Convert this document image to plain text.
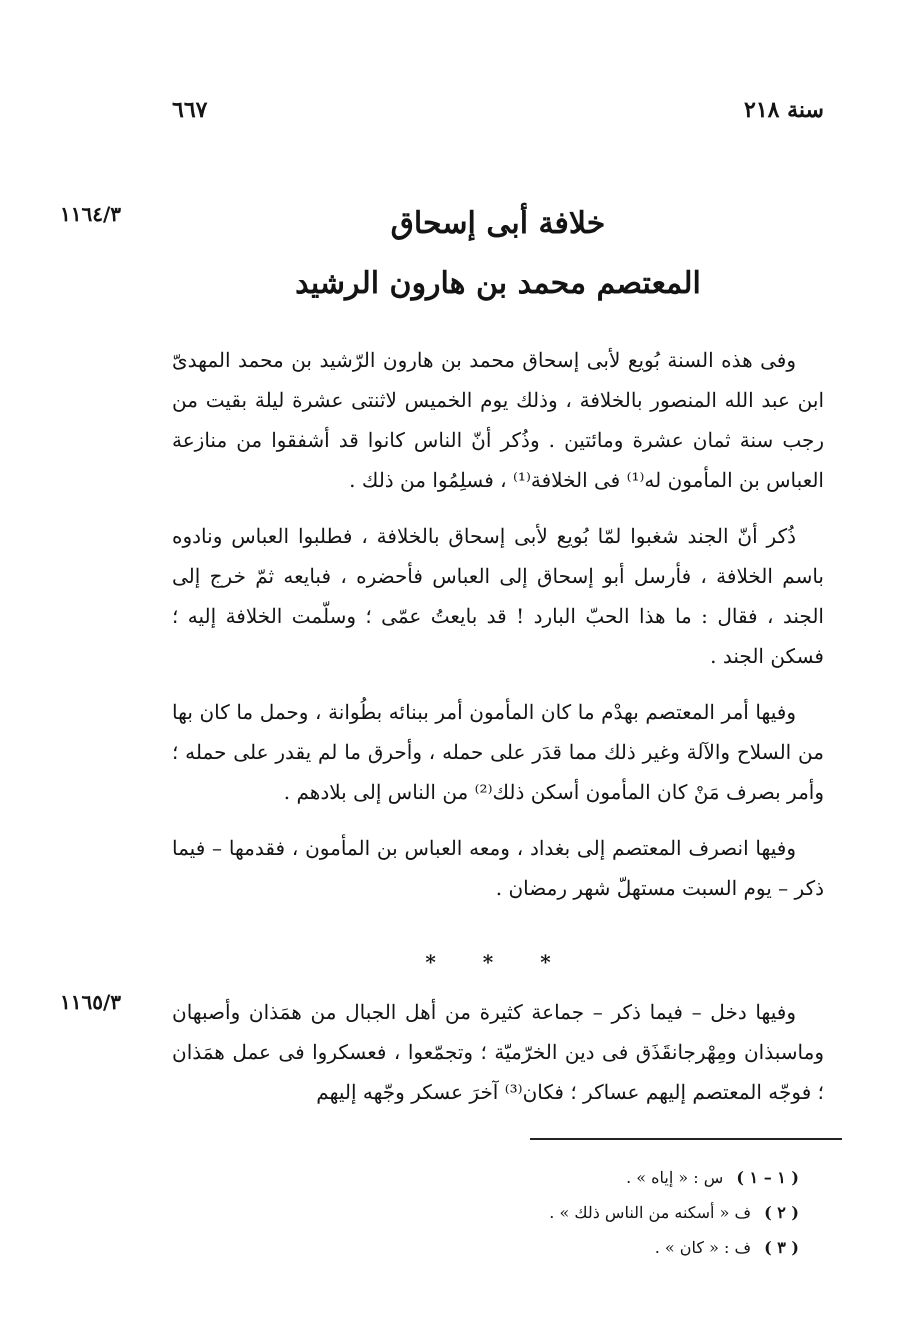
سنة ٢١٨
٦٦٧
١١٦٤/٣	خلافة أبى إسحاق
المعتصم محمد بن هارون الرشيد

وفى هذه السنة بُويع لأبى إسحاق محمد بن هارون الرّشيد بن محمد المهدىّ ابن عبد الله المنصور بالخلافة ، وذلك يوم الخميس لاثنتى عشرة ليلة بقيت من رجب سنة ثمان عشرة ومائتين . وذُكر أنّ الناس كانوا قد أشفقوا من منازعة العباس بن المأمون له⁽¹⁾ فى الخلافة⁽¹⁾ ، فسلِمُوا من ذلك .

ذُكر أنّ الجند شغبوا لمّا بُويع لأبى إسحاق بالخلافة ، فطلبوا العباس ونادوه باسم الخلافة ، فأرسل أبو إسحاق إلى العباس فأحضره ، فبايعه ثمّ خرج إلى الجند ، فقال : ما هذا الحبّ البارد ! قد بايعتُ عمّى ؛ وسلّمت الخلافة إليه ؛ فسكن الجند .

وفيها أمر المعتصم بهدْم ما كان المأمون أمر ببنائه بطُوانة ، وحمل ما كان بها من السلاح والآلة وغير ذلك مما قدَر على حمله ، وأحرق ما لم يقدر على حمله ؛ وأمر بصرف مَنْ كان المأمون أسكن ذلك⁽²⁾ من الناس إلى بلادهم .

وفيها انصرف المعتصم إلى بغداد ، ومعه العباس بن المأمون ، فقدمها – فيما ذكر – يوم السبت مستهلّ شهر رمضان .

* * *
١١٦٥/٣	وفيها دخل – فيما ذكر – جماعة كثيرة من أهل الجبال من همَذان وأصبهان وماسبذان ومِهْرجانقَذَق فى دين الخرّميّة ؛ وتجمّعوا ، فعسكروا فى عمل همَذان ؛ فوجّه المعتصم إليهم عساكر ؛ فكان⁽³⁾ آخرَ عسكر وجّهه إليهم

( ١ – ١ ) س : « إياه » .
( ٢ ) ف « أسكنه من الناس ذلك » .
( ٣ ) ف : « كان » .
